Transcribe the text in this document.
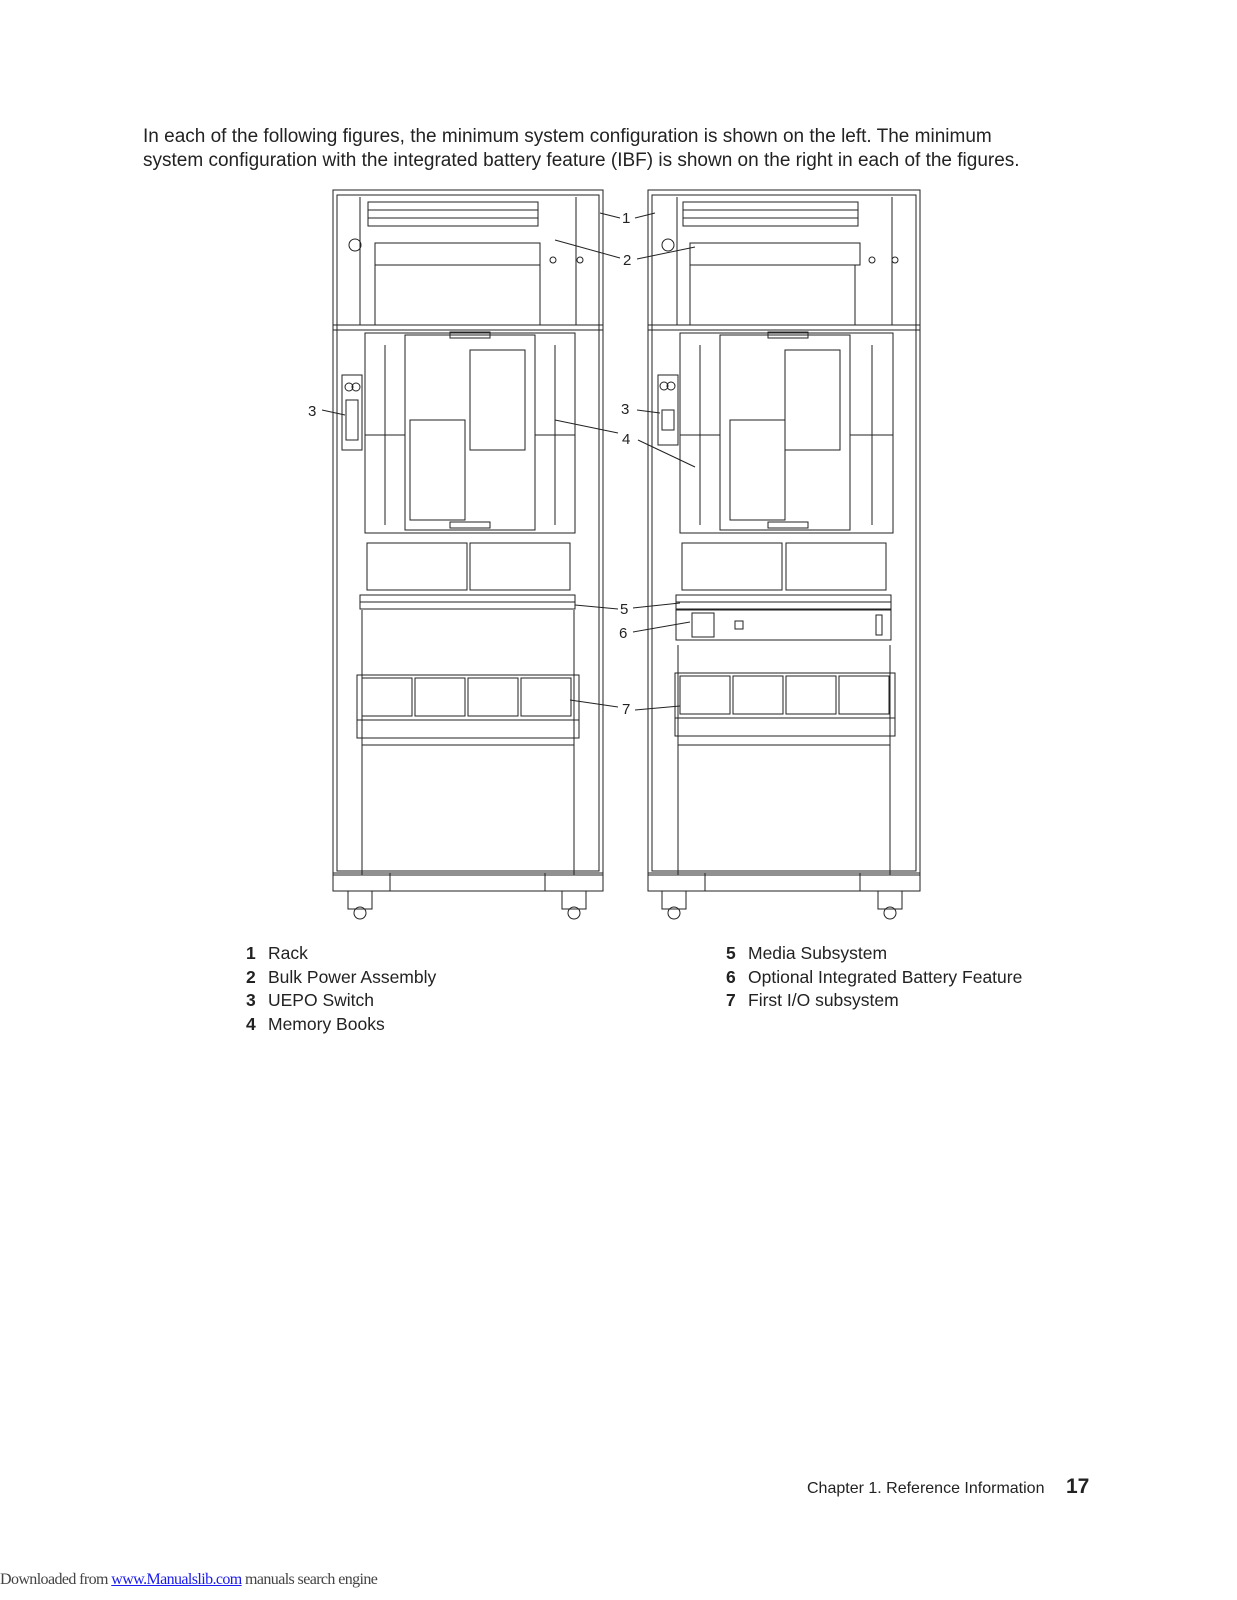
In each of the following figures, the minimum system configuration is shown on the left. The minimum

system configuration with the integrated battery feature (IBF) is shown on the right in each of the figures.

1
2
3	3
4
5
6
7
1 Rack
2 Bulk Power Assembly
3 UEPO Switch
4 Memory Books
5 Media Subsystem
6 Optional Integrated Battery Feature
7 First I/O subsystem
Chapter 1. Reference Information 17
Downloaded from www.Manualslib.com manuals search engine
